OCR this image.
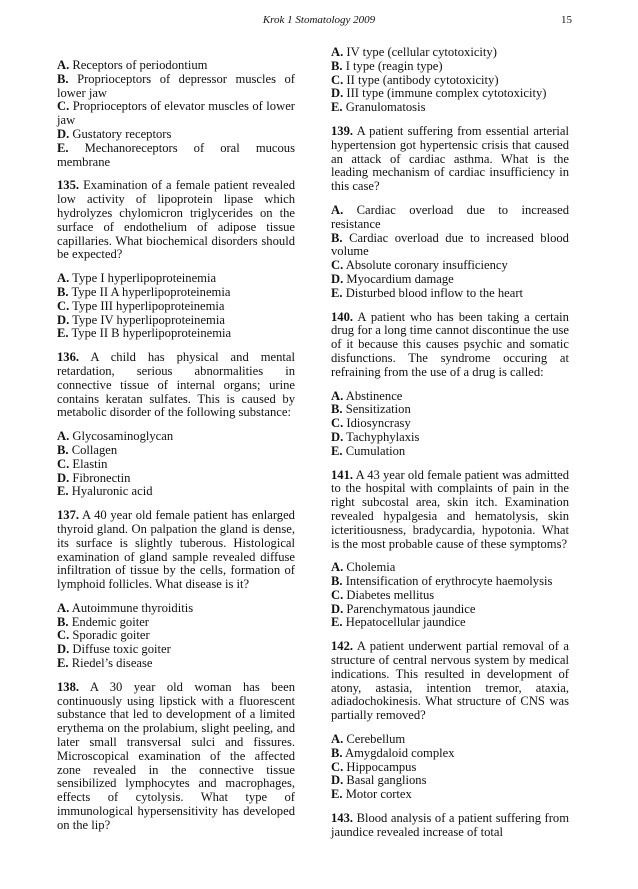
Krok 1 Stomatology 2009	15
A. Receptors of periodontium
B. Proprioceptors of depressor muscles of lower jaw
C. Proprioceptors of elevator muscles of lower jaw
D. Gustatory receptors
E. Mechanoreceptors of oral mucous membrane
135. Examination of a female patient revealed low activity of lipoprotein lipase which hydrolyzes chylomicron triglycerides on the surface of endothelium of adipose tissue capillaries. What biochemical disorders should be expected?
A. Type I hyperlipoproteinemia
B. Type II A hyperlipoproteinemia
C. Type III hyperlipoproteinemia
D. Type IV hyperlipoproteinemia
E. Type II B hyperlipoproteinemia
136. A child has physical and mental retardation, serious abnormalities in connective tissue of internal organs; urine contains keratan sulfates. This is caused by metabolic disorder of the following substance:
A. Glycosaminoglycan
B. Collagen
C. Elastin
D. Fibronectin
E. Hyaluronic acid
137. A 40 year old female patient has enlarged thyroid gland. On palpation the gland is dense, its surface is slightly tuberous. Histological examination of gland sample revealed diffuse infiltration of tissue by the cells, formation of lymphoid follicles. What disease is it?
A. Autoimmune thyroiditis
B. Endemic goiter
C. Sporadic goiter
D. Diffuse toxic goiter
E. Riedel’s disease
138. A 30 year old woman has been continuously using lipstick with a fluorescent substance that led to development of a limited erythema on the prolabium, slight peeling, and later small transversal sulci and fissures. Microscopical examination of the affected zone revealed in the connective tissue sensibilized lymphocytes and macrophages, effects of cytolysis. What type of immunological hypersensitivity has developed on the lip?
A. IV type (cellular cytotoxicity)
B. I type (reagin type)
C. II type (antibody cytotoxicity)
D. III type (immune complex cytotoxicity)
E. Granulomatosis
139. A patient suffering from essential arterial hypertension got hypertensic crisis that caused an attack of cardiac asthma. What is the leading mechanism of cardiac insufficiency in this case?
A. Cardiac overload due to increased resistance
B. Cardiac overload due to increased blood volume
C. Absolute coronary insufficiency
D. Myocardium damage
E. Disturbed blood inflow to the heart
140. A patient who has been taking a certain drug for a long time cannot discontinue the use of it because this causes psychic and somatic disfunctions. The syndrome occuring at refraining from the use of a drug is called:
A. Abstinence
B. Sensitization
C. Idiosyncrasy
D. Tachyphylaxis
E. Cumulation
141. A 43 year old female patient was admitted to the hospital with complaints of pain in the right subcostal area, skin itch. Examination revealed hypalgesia and hematolysis, skin icteritiousness, bradycardia, hypotonia. What is the most probable cause of these symptoms?
A. Cholemia
B. Intensification of erythrocyte haemolysis
C. Diabetes mellitus
D. Parenchymatous jaundice
E. Hepatocellular jaundice
142. A patient underwent partial removal of a structure of central nervous system by medical indications. This resulted in development of atony, astasia, intention tremor, ataxia, adiadochokinesis. What structure of CNS was partially removed?
A. Cerebellum
B. Amygdaloid complex
C. Hippocampus
D. Basal ganglions
E. Motor cortex
143. Blood analysis of a patient suffering from jaundice revealed increase of total
